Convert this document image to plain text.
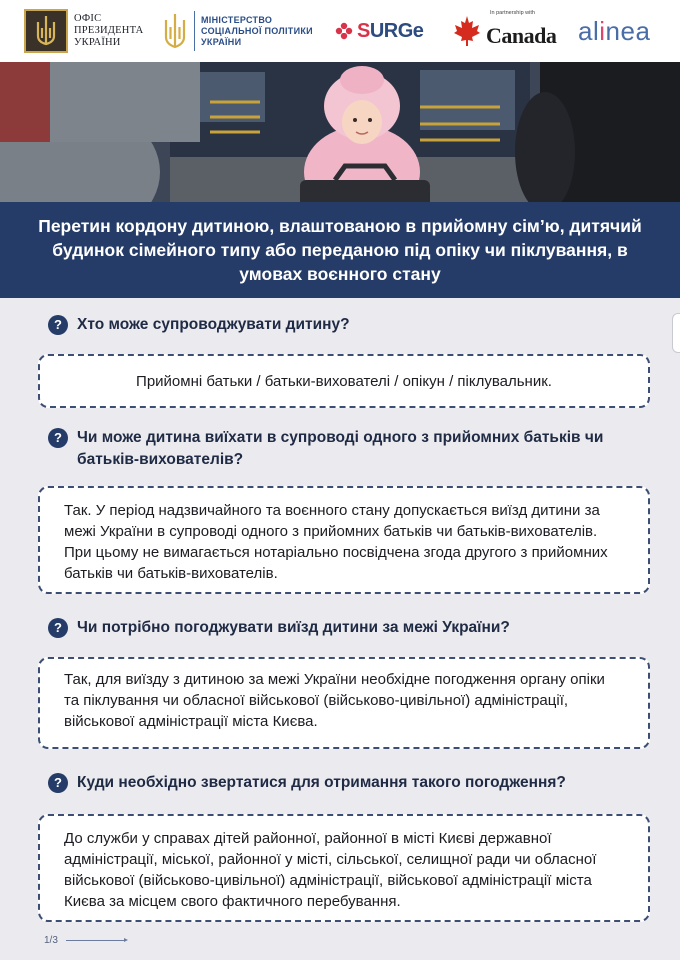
ОФІС
ПРЕЗИДЕНТА
УКРАЇНИ
МІНІСТЕРСТВО
СОЦІАЛЬНОЇ ПОЛІТИКИ
УКРАЇНИ	SURGe
In partnership with
Canada alinea
Перетин кордону дитиною, влаштованою в прийомну сім’ю, дитячий будинок сімейного типу або переданою під опіку чи піклування, в умовах воєнного стану
? Хто може супроводжувати дитину?
Прийомні батьки / батьки-вихователі / опікун / піклувальник.
? Чи може дитина виїхати в супроводі одного з прийомних батьків чи батьків-вихователів?
Так. У період надзвичайного та воєнного стану допускається виїзд дитини за межі України в супроводі одного з прийомних батьків чи батьків-вихователів. При цьому не вимагається нотаріально посвідчена згода другого з прийомних батьків чи батьків-вихователів.
? Чи потрібно погоджувати виїзд дитини за межі України?
Так, для виїзду з дитиною за межі України необхідне погодження органу опіки та піклування чи обласної військової (військово-цивільної) адміністрації, військової адміністрації міста Києва.
? Куди необхідно звертатися для отримання такого погодження?
До служби у справах дітей районної, районної в місті Києві державної адміністрації, міської, районної у місті, сільської, селищної ради чи обласної військової (військово-цивільної) адміністрації, військової адміністрації міста Києва за місцем свого фактичного перебування.
1/3
